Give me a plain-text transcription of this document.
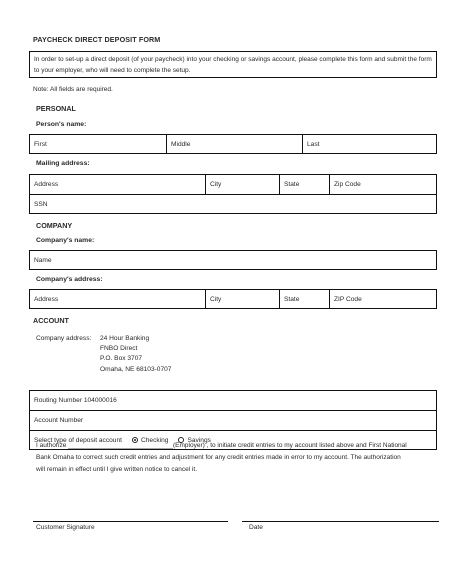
PAYCHECK DIRECT DEPOSIT FORM
In order to set-up a direct deposit (of your paycheck) into your checking or savings account, please complete this form and submit the form to your employer, who will need to complete the setup.
Note: All fields are required.
PERSONAL
Person's name:
First	Middle	Last
Mailing address:
Address	City	State	Zip Code
SSN
COMPANY
Company's name:
Name
Company's address:
Address	City	State	ZIP Code
ACCOUNT
Company address: 24 Hour Banking
FNBO Direct
P.O. Box 3707
Omaha, NE 68103-0707
Routing Number 104000016
Account Number
Select type of deposit account	Checking	Savings
I authorize _____________________________(Employer) , to initiate credit entries to my account listed above and First National
Bank Omaha to correct such credit entries and adjustment for any credit entries made in error to my account. The authorization
will remain in effect until I give written notice to cancel it.
Customer Signature	Date
